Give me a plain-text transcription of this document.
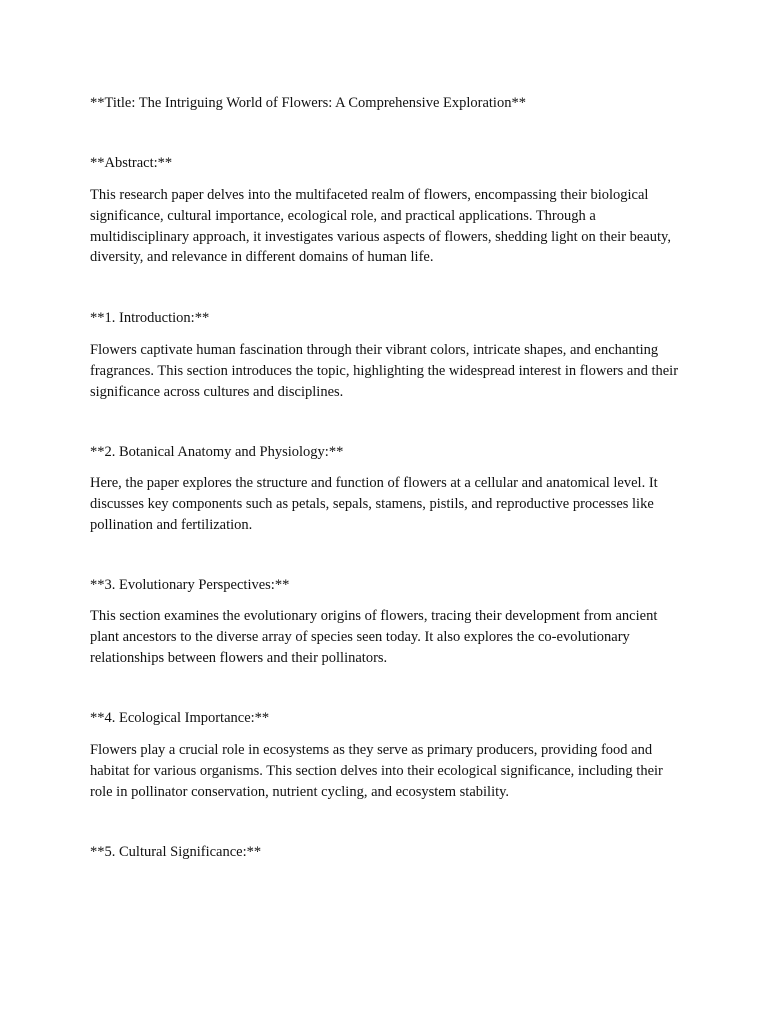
**Title: The Intriguing World of Flowers: A Comprehensive Exploration**

**Abstract:**

This research paper delves into the multifaceted realm of flowers, encompassing their biological significance, cultural importance, ecological role, and practical applications. Through a multidisciplinary approach, it investigates various aspects of flowers, shedding light on their beauty, diversity, and relevance in different domains of human life.

**1. Introduction:**

Flowers captivate human fascination through their vibrant colors, intricate shapes, and enchanting fragrances. This section introduces the topic, highlighting the widespread interest in flowers and their significance across cultures and disciplines.

**2. Botanical Anatomy and Physiology:**

Here, the paper explores the structure and function of flowers at a cellular and anatomical level. It discusses key components such as petals, sepals, stamens, pistils, and reproductive processes like pollination and fertilization.

**3. Evolutionary Perspectives:**

This section examines the evolutionary origins of flowers, tracing their development from ancient plant ancestors to the diverse array of species seen today. It also explores the co-evolutionary relationships between flowers and their pollinators.

**4. Ecological Importance:**

Flowers play a crucial role in ecosystems as they serve as primary producers, providing food and habitat for various organisms. This section delves into their ecological significance, including their role in pollinator conservation, nutrient cycling, and ecosystem stability.

**5. Cultural Significance:**
